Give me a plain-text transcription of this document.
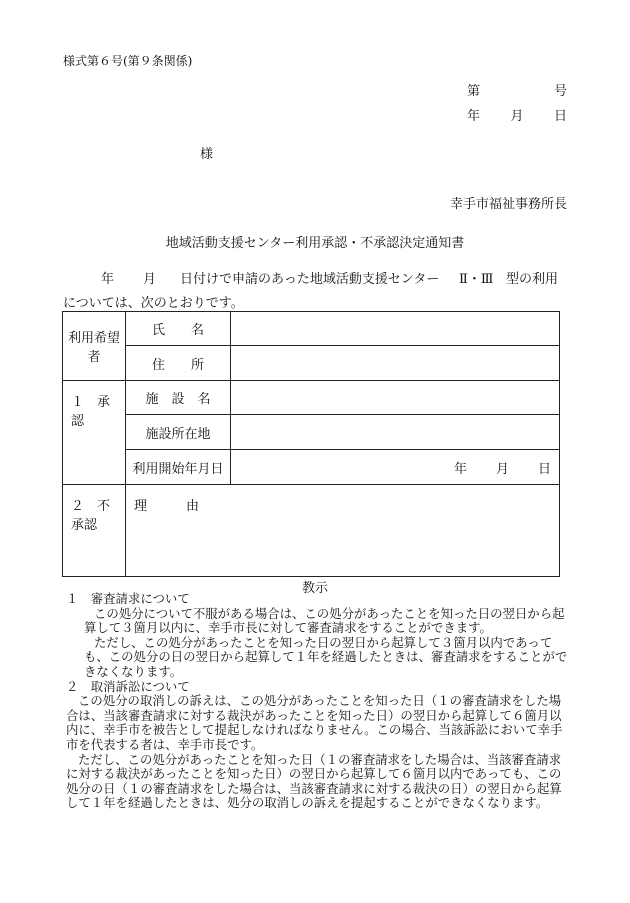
様式第６号(第９条関係)
第	号
年 月 日
様
幸手市福祉事務所長
地域活動支援センター利用承認・不承認決定通知書
年 月 日付けで申請のあった地域活動支援センター Ⅱ・Ⅲ 型の利用
については、次のとおりです。
利用希望者	氏　　名	
	住　　所	
１　承　認	施　設　名	
	施設所在地	
	利用開始年月日	年 月 日

２　不承認	理　　　由	
教示

１　審査請求について

この処分について不服がある場合は、この処分があったことを知った日の翌日から起算して３箇月以内に、幸手市長に対して審査請求をすることができます。

ただし、この処分があったことを知った日の翌日から起算して３箇月以内であっても、この処分の日の翌日から起算して１年を経過したときは、審査請求をすることができなくなります。

２　取消訴訟について

この処分の取消しの訴えは、この処分があったことを知った日（１の審査請求をした場合は、当該審査請求に対する裁決があったことを知った日）の翌日から起算して６箇月以内に、幸手市を被告として提起しなければなりません。この場合、当該訴訟において幸手市を代表する者は、幸手市長です。

ただし、この処分があったことを知った日（１の審査請求をした場合は、当該審査請求に対する裁決があったことを知った日）の翌日から起算して６箇月以内であっても、この処分の日（１の審査請求をした場合は、当該審査請求に対する裁決の日）の翌日から起算して１年を経過したときは、処分の取消しの訴えを提起することができなくなります。
